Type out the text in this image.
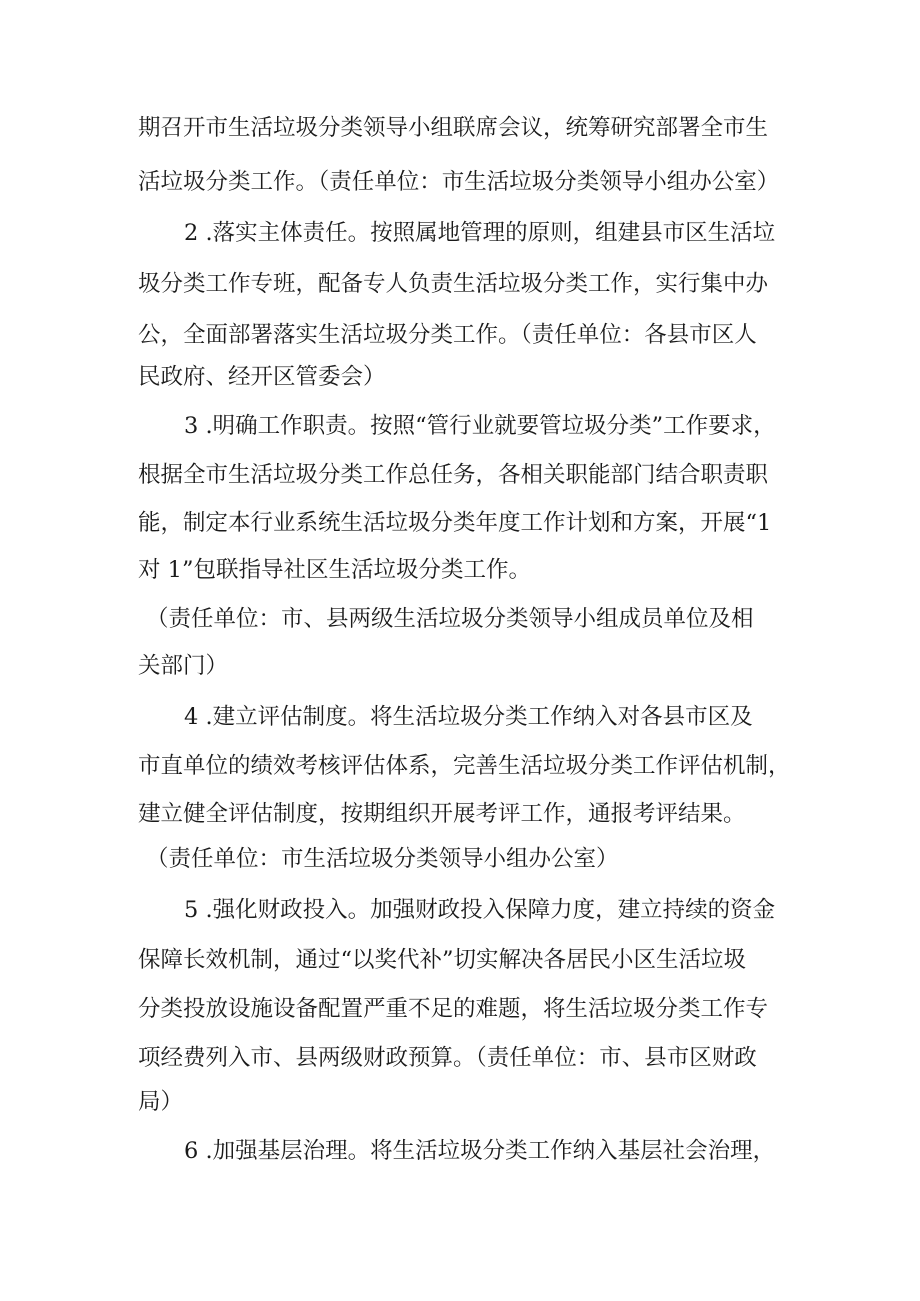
期召开市生活垃圾分类领导小组联席会议，统筹研究部署全市生
活垃圾分类工作。（责任单位：市生活垃圾分类领导小组办公室）
2 .落实主体责任。按照属地管理的原则，组建县市区生活垃
圾分类工作专班，配备专人负责生活垃圾分类工作，实行集中办
公，全面部署落实生活垃圾分类工作。（责任单位：各县市区人
民政府、经开区管委会）
3 .明确工作职责。按照“管行业就要管垃圾分类”工作要求，
根据全市生活垃圾分类工作总任务，各相关职能部门结合职责职
能，制定本行业系统生活垃圾分类年度工作计划和方案，开展“1
对 1”包联指导社区生活垃圾分类工作。
（责任单位：市、县两级生活垃圾分类领导小组成员单位及相
关部门）
4 .建立评估制度。将生活垃圾分类工作纳入对各县市区及
市直单位的绩效考核评估体系，完善生活垃圾分类工作评估机制，
建立健全评估制度，按期组织开展考评工作，通报考评结果。
（责任单位：市生活垃圾分类领导小组办公室）
5 .强化财政投入。加强财政投入保障力度，建立持续的资金
保障长效机制，通过“以奖代补”切实解决各居民小区生活垃圾
分类投放设施设备配置严重不足的难题，将生活垃圾分类工作专
项经费列入市、县两级财政预算。（责任单位：市、县市区财政
局）
6 .加强基层治理。将生活垃圾分类工作纳入基层社会治理，
